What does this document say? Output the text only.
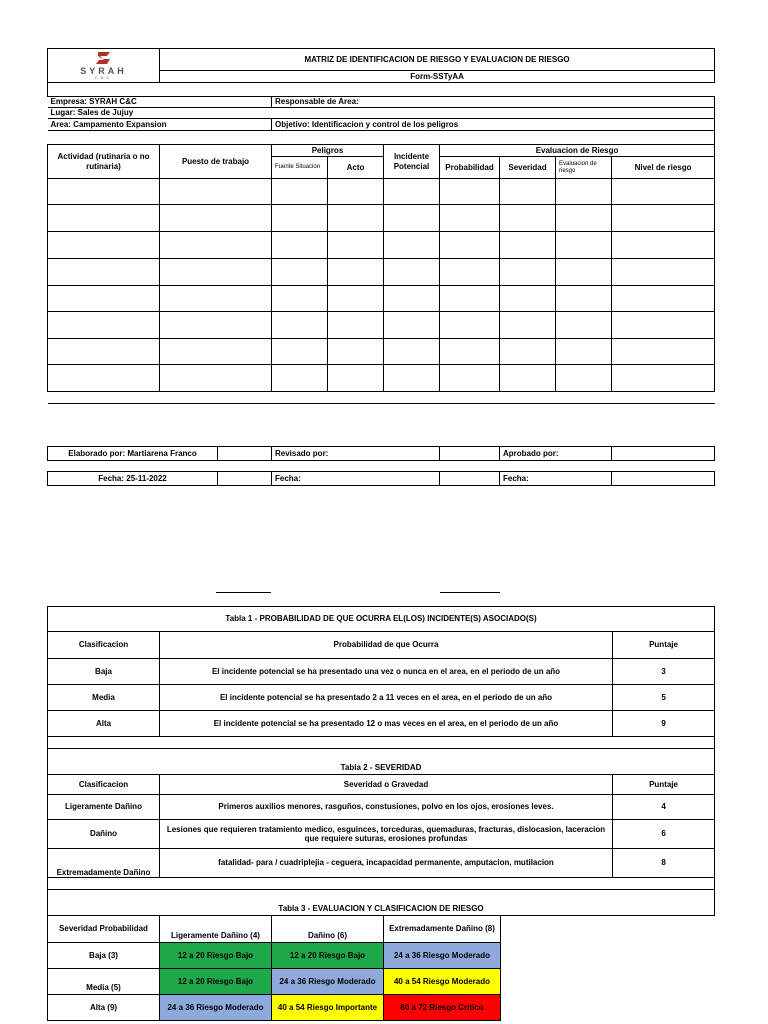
SYRAH
C&C	MATRIZ DE IDENTIFICACION DE RIESGO Y EVALUACION DE RIESGO							
	Form-SSTyAA							

Empresa: SYRAH C&C		Responsable de Area:						
Lugar: Sales de Jujuy								
Area: Campamento Expansion		Objetivo: Identificacion y control de los peligros						

Actividad (rutinaria o no rutinaria)	Puesto de trabajo	Peligros		Incidente Potencial	Evaluacion de Riesgo			
		Fuente Situacion	Acto		Probabilidad	Severidad	Evaluacion de riesgo	Nivel de riesgo

Elaborado por: Martiarena Franco		Revisado por:		Aprobado por:	

Fecha: 25-11-2022		Fecha:		Fecha:	
Tabla 1 - PROBABILIDAD DE QUE OCURRA EL(LOS) INCIDENTE(S) ASOCIADO(S)					
Clasificacion	Probabilidad de que Ocurra				Puntaje
Baja	El incidente potencial se ha presentado una vez o nunca en el area, en el periodo de un año				3
Media	El incidente potencial se ha presentado 2 a 11 veces en el area, en el periodo de un año				5
Alta	El incidente potencial se ha presentado 12 o mas veces en el area, en el periodo de un año				9

Tabla 2 - SEVERIDAD					
Clasificacion	Severidad o Gravedad				Puntaje
Ligeramente Dañino	Primeros auxilios menores, rasguños, constusiones, polvo en los ojos, erosiones leves.				4
Dañino	Lesiones que requieren tratamiento medico, esguinces, torceduras, quemaduras, fracturas, dislocasion, laceracion que requiere suturas, erosiones profundas				6
Extremadamente Dañino	fatalidad- para / cuadriplejia - ceguera, incapacidad permanente, amputacion, mutilacion				8

Tabla 3 - EVALUACION Y CLASIFICACION DE RIESGO					
Severidad Probabilidad	Ligeramente Dañino (4)	Dañino (6)	Extremadamente Dañino (8)		
Baja (3)	12 a 20 Riesgo Bajo	12 a 20 Riesgo Bajo	24 a 36 Riesgo Moderado		
Media (5)	12 a 20 Riesgo Bajo	24 a 36 Riesgo Moderado	40 a 54 Riesgo Moderado		
Alta (9)	24 a 36 Riesgo Moderado	40 a 54 Riesgo Importante	60 a 72 Riesgo Critico		
